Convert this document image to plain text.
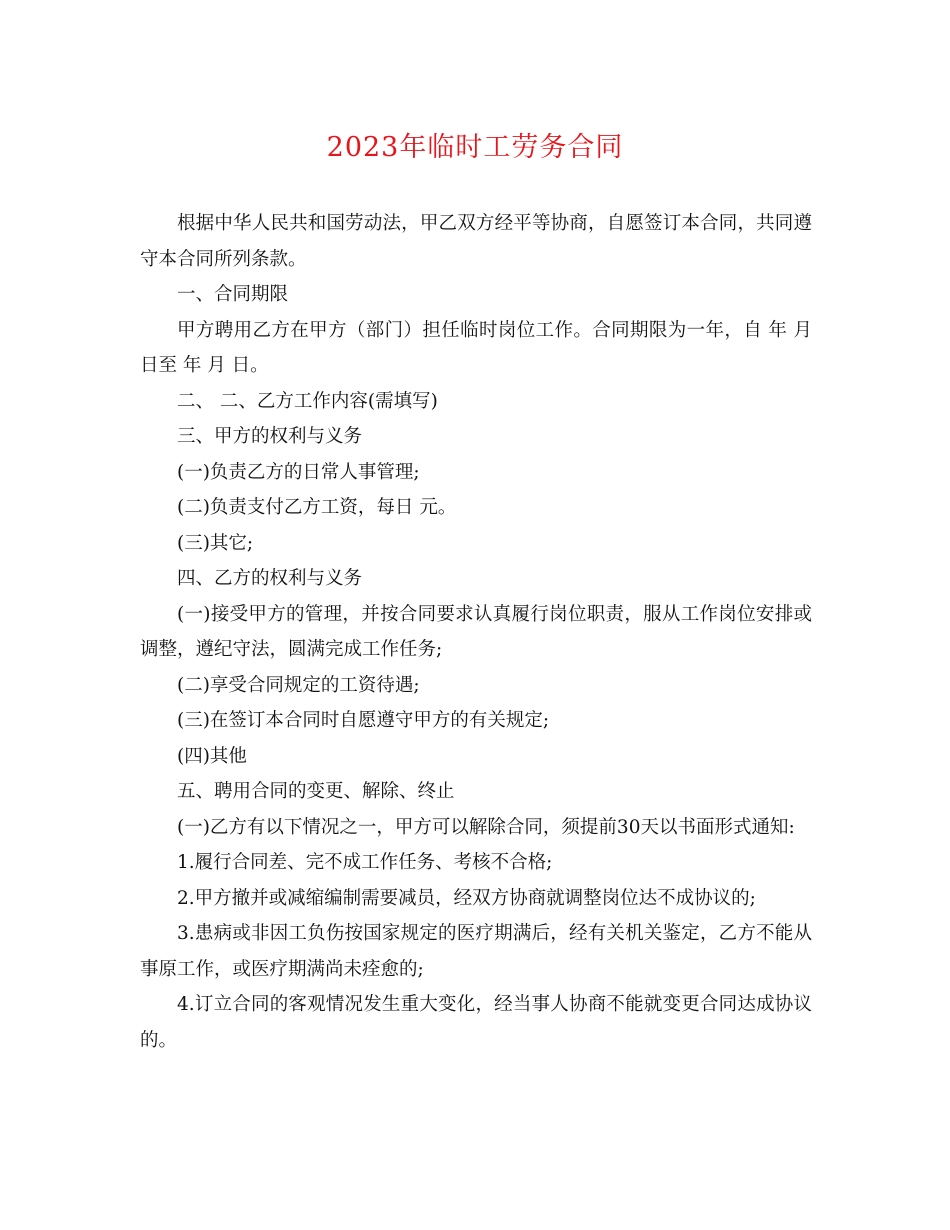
2023年临时工劳务合同

根据中华人民共和国劳动法，甲乙双方经平等协商，自愿签订本合同，共同遵守本合同所列条款。

一、合同期限

甲方聘用乙方在甲方（部门）担任临时岗位工作。合同期限为一年，自 年 月 日至 年 月 日。

二、 二、乙方工作内容(需填写)

三、甲方的权利与义务

(一)负责乙方的日常人事管理;

(二)负责支付乙方工资，每日 元。

(三)其它;

四、乙方的权利与义务

(一)接受甲方的管理，并按合同要求认真履行岗位职责，服从工作岗位安排或调整，遵纪守法，圆满完成工作任务;

(二)享受合同规定的工资待遇;

(三)在签订本合同时自愿遵守甲方的有关规定;

(四)其他

五、聘用合同的变更、解除、终止

(一)乙方有以下情况之一，甲方可以解除合同，须提前30天以书面形式通知:

1.履行合同差、完不成工作任务、考核不合格;

2.甲方撤并或减缩编制需要减员，经双方协商就调整岗位达不成协议的;

3.患病或非因工负伤按国家规定的医疗期满后，经有关机关鉴定，乙方不能从事原工作，或医疗期满尚未痊愈的;

4.订立合同的客观情况发生重大变化，经当事人协商不能就变更合同达成协议的。
